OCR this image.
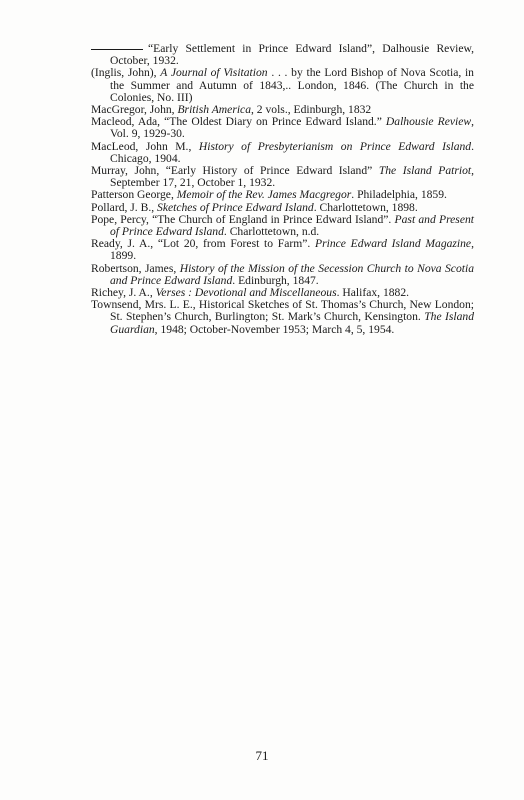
“Early Settlement in Prince Edward Island”, Dalhousie Review, October, 1932.

(Inglis, John), A Journal of Visitation . . . by the Lord Bishop of Nova Scotia, in the Summer and Autumn of 1843,.. London, 1846. (The Church in the Colonies, No. III)

MacGregor, John, British America, 2 vols., Edinburgh, 1832

Macleod, Ada, “The Oldest Diary on Prince Edward Island.” Dalhousie Review, Vol. 9, 1929-30.

MacLeod, John M., History of Presbyterianism on Prince Edward Island. Chicago, 1904.

Murray, John, “Early History of Prince Edward Island” The Island Patriot, September 17, 21, October 1, 1932.

Patterson George, Memoir of the Rev. James Macgregor. Philadelphia, 1859.

Pollard, J. B., Sketches of Prince Edward Island. Charlottetown, 1898.

Pope, Percy, “The Church of England in Prince Edward Island”. Past and Present of Prince Edward Island. Charlottetown, n.d.

Ready, J. A., “Lot 20, from Forest to Farm”. Prince Edward Island Magazine, 1899.

Robertson, James, History of the Mission of the Secession Church to Nova Scotia and Prince Edward Island. Edinburgh, 1847.

Richey, J. A., Verses : Devotional and Miscellaneous. Halifax, 1882.

Townsend, Mrs. L. E., Historical Sketches of St. Thomas’s Church, New London; St. Stephen’s Church, Burlington; St. Mark’s Church, Kensington. The Island Guardian, 1948; October-November 1953; March 4, 5, 1954.

71
